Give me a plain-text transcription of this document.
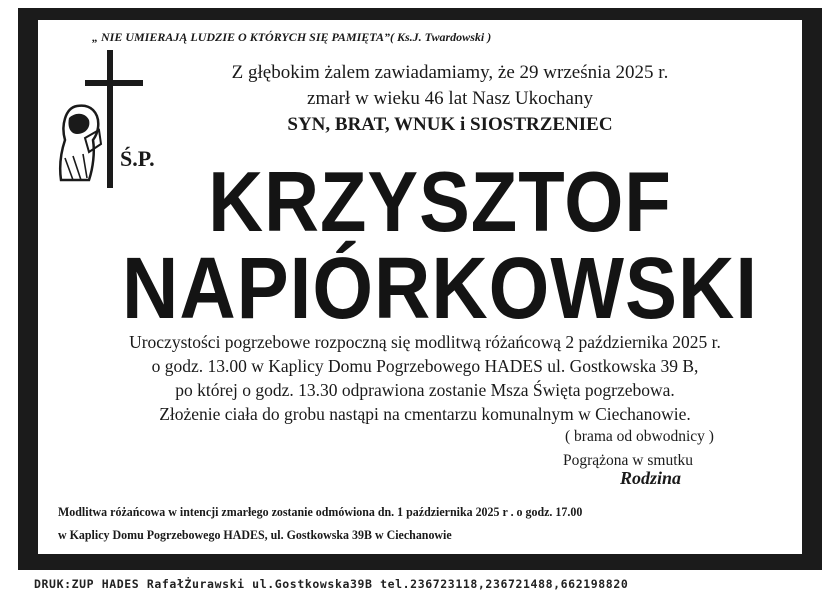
„ NIE UMIERAJĄ LUDZIE O KTÓRYCH SIĘ PAMIĘTA”( Ks.J. Twardowski )
Ś.P.
Z głębokim żalem zawiadamiamy, że 29 września 2025 r.
zmarł w wieku 46 lat Nasz Ukochany
SYN, BRAT, WNUK i SIOSTRZENIEC
KRZYSZTOF
NAPIÓRKOWSKI
Uroczystości pogrzebowe rozpoczną się modlitwą różańcową 2 października 2025 r.
o godz. 13.00 w Kaplicy Domu Pogrzebowego HADES ul. Gostkowska 39 B,
po której o godz. 13.30 odprawiona zostanie Msza Święta pogrzebowa.
Złożenie ciała do grobu nastąpi na cmentarzu komunalnym w Ciechanowie.
( brama od obwodnicy )
Pogrążona w smutku
Rodzina
Modlitwa różańcowa w intencji zmarłego zostanie odmówiona dn. 1 października 2025 r . o godz. 17.00
w Kaplicy Domu Pogrzebowego HADES, ul. Gostkowska 39B w Ciechanowie
DRUK:ZUP HADES RafałŻurawski ul.Gostkowska39B tel.236723118,236721488,662198820
